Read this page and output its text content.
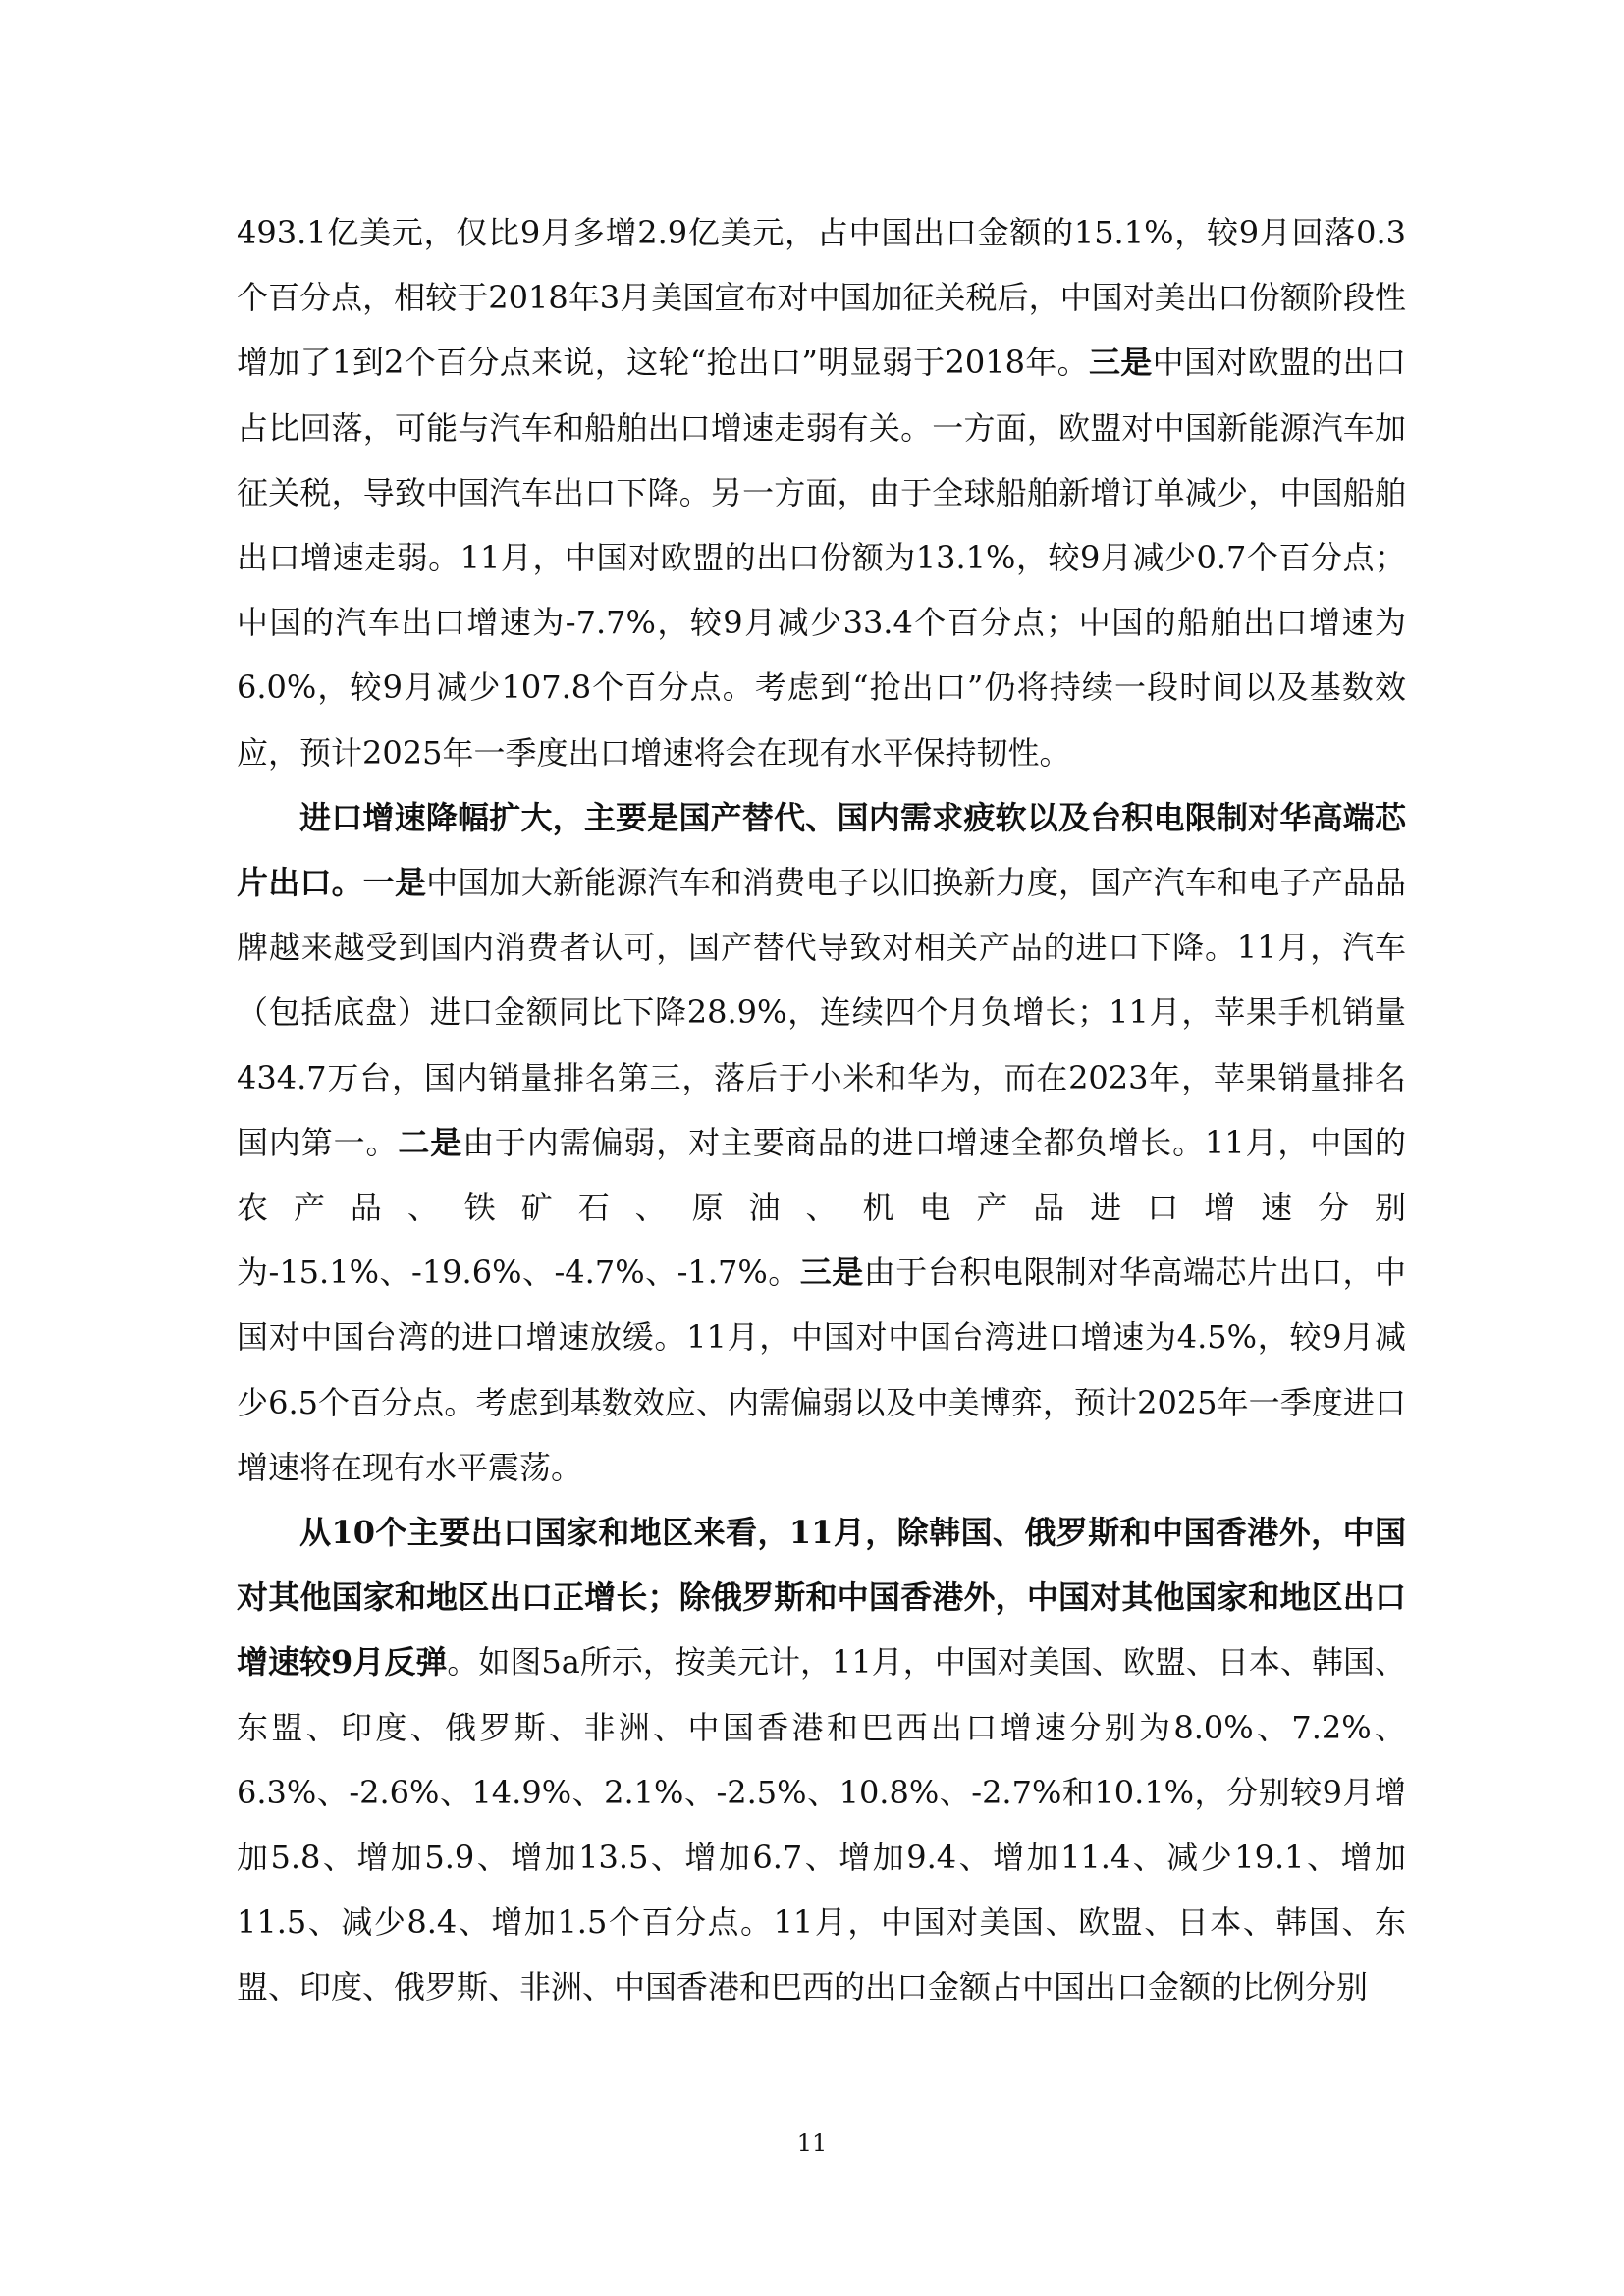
493.1亿美元，仅比9月多增2.9亿美元，占中国出口金额的15.1%，较9月回落0.3个百分点，相较于2018年3月美国宣布对中国加征关税后，中国对美出口份额阶段性增加了1到2个百分点来说，这轮“抢出口”明显弱于2018年。三是中国对欧盟的出口占比回落，可能与汽车和船舶出口增速走弱有关。一方面，欧盟对中国新能源汽车加征关税，导致中国汽车出口下降。另一方面，由于全球船舶新增订单减少，中国船舶出口增速走弱。11月，中国对欧盟的出口份额为13.1%，较9月减少0.7个百分点；中国的汽车出口增速为-7.7%，较9月减少33.4个百分点；中国的船舶出口增速为6.0%，较9月减少107.8个百分点。考虑到“抢出口”仍将持续一段时间以及基数效应，预计2025年一季度出口增速将会在现有水平保持韧性。

进口增速降幅扩大，主要是国产替代、国内需求疲软以及台积电限制对华高端芯片出口。一是中国加大新能源汽车和消费电子以旧换新力度，国产汽车和电子产品品牌越来越受到国内消费者认可，国产替代导致对相关产品的进口下降。11月，汽车（包括底盘）进口金额同比下降28.9%，连续四个月负增长；11月，苹果手机销量434.7万台，国内销量排名第三，落后于小米和华为，而在2023年，苹果销量排名国内第一。二是由于内需偏弱，对主要商品的进口增速全都负增长。11月，中国的农产品、铁矿石、原油、机电产品进口增速分别为-15.1%、-19.6%、-4.7%、-1.7%。三是由于台积电限制对华高端芯片出口，中国对中国台湾的进口增速放缓。11月，中国对中国台湾进口增速为4.5%，较9月减少6.5个百分点。考虑到基数效应、内需偏弱以及中美博弈，预计2025年一季度进口增速将在现有水平震荡。

从10个主要出口国家和地区来看，11月，除韩国、俄罗斯和中国香港外，中国对其他国家和地区出口正增长；除俄罗斯和中国香港外，中国对其他国家和地区出口增速较9月反弹。如图5a所示，按美元计，11月，中国对美国、欧盟、日本、韩国、东盟、印度、俄罗斯、非洲、中国香港和巴西出口增速分别为8.0%、7.2%、6.3%、-2.6%、14.9%、2.1%、-2.5%、10.8%、-2.7%和10.1%，分别较9月增加5.8、增加5.9、增加13.5、增加6.7、增加9.4、增加11.4、减少19.1、增加11.5、减少8.4、增加1.5个百分点。11月，中国对美国、欧盟、日本、韩国、东盟、印度、俄罗斯、非洲、中国香港和巴西的出口金额占中国出口金额的比例分别

11
